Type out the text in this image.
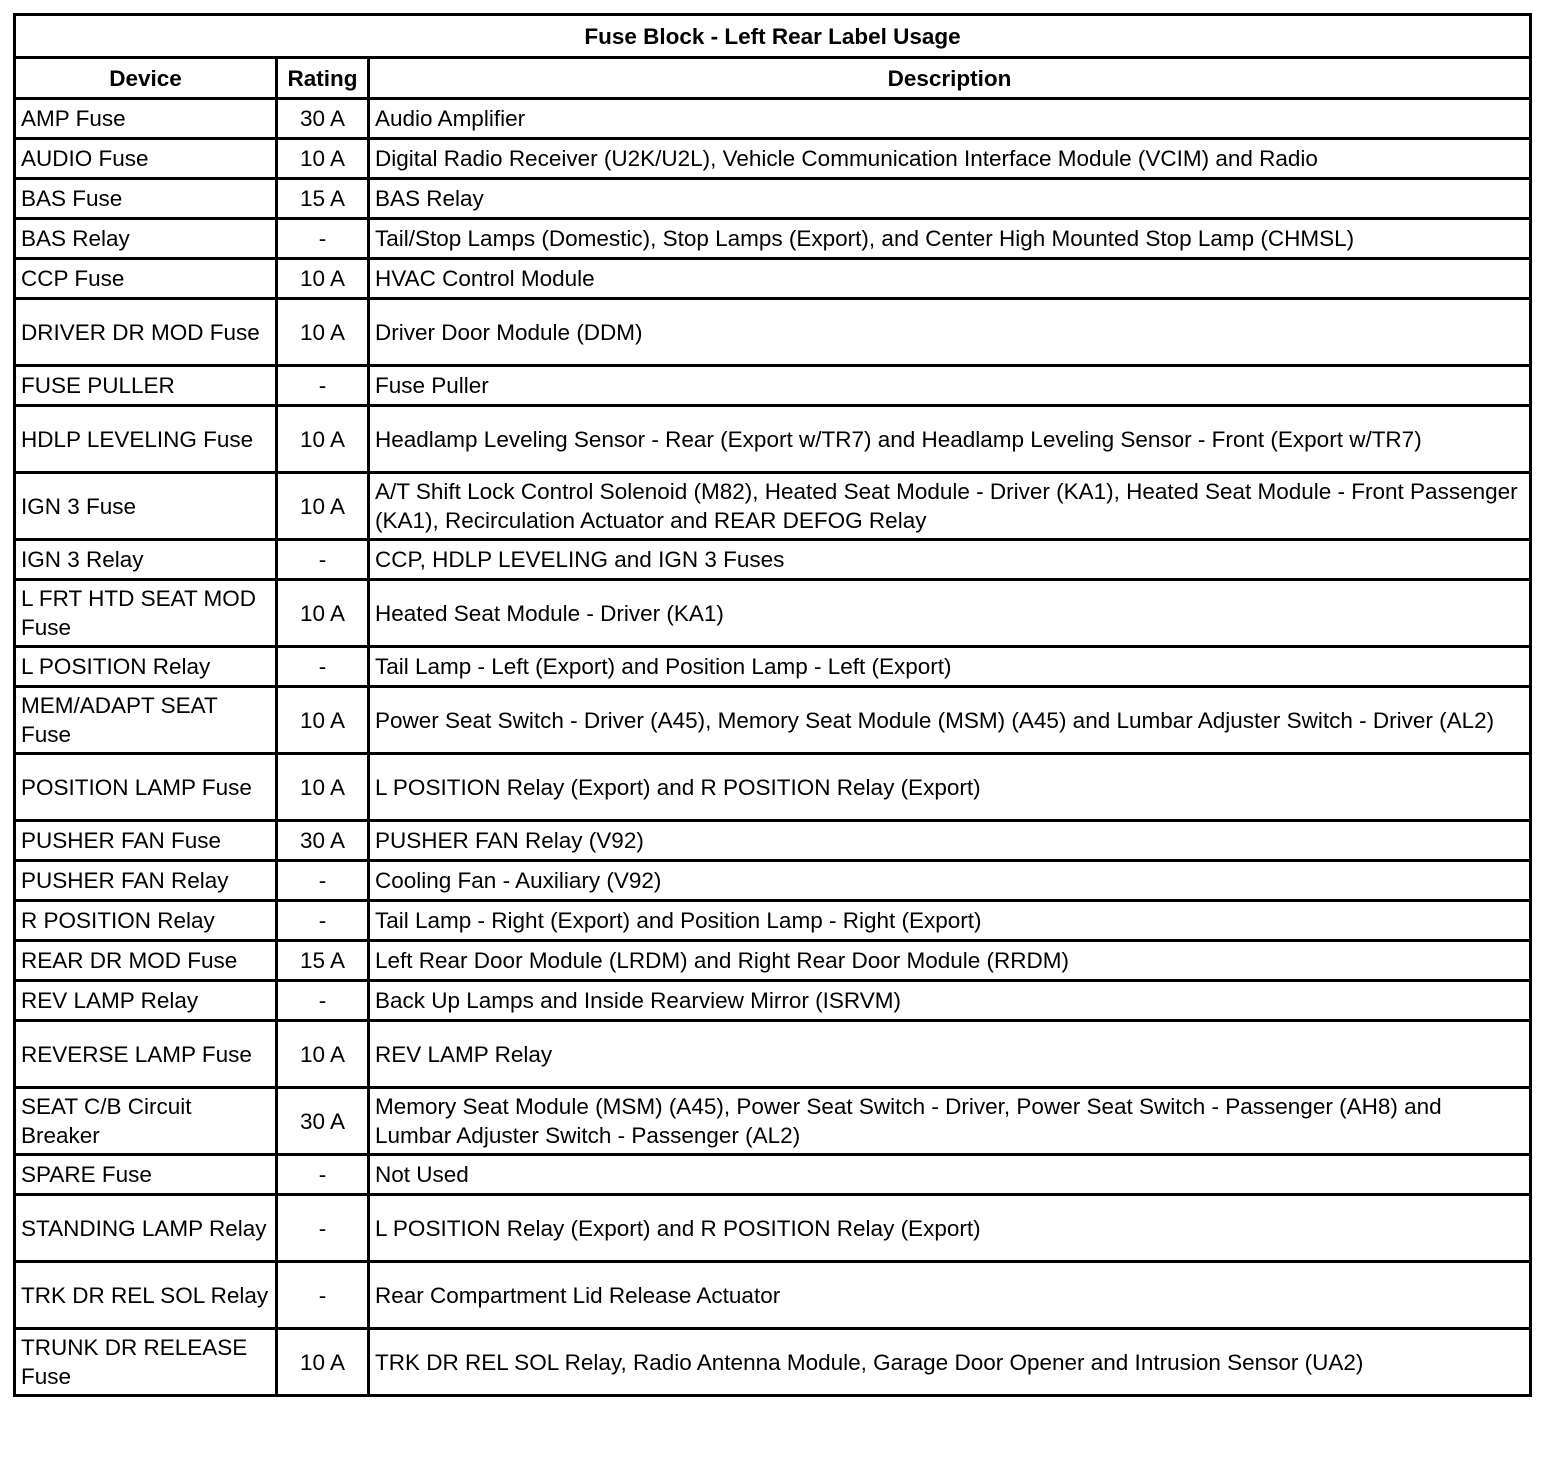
Fuse Block - Left Rear Label Usage		
Device	Rating	Description
AMP Fuse	30 A	Audio Amplifier
AUDIO Fuse	10 A	Digital Radio Receiver (U2K/U2L), Vehicle Communication Interface Module (VCIM) and Radio
BAS Fuse	15 A	BAS Relay
BAS Relay	-	Tail/Stop Lamps (Domestic), Stop Lamps (Export), and Center High Mounted Stop Lamp (CHMSL)
CCP Fuse	10 A	HVAC Control Module
DRIVER DR MOD Fuse	10 A	Driver Door Module (DDM)
FUSE PULLER	-	Fuse Puller
HDLP LEVELING Fuse	10 A	Headlamp Leveling Sensor - Rear (Export w/TR7) and Headlamp Leveling Sensor - Front (Export w/TR7)
IGN 3 Fuse	10 A	A/T Shift Lock Control Solenoid (M82), Heated Seat Module - Driver (KA1), Heated Seat Module - Front Passenger (KA1), Recirculation Actuator and REAR DEFOG Relay
IGN 3 Relay	-	CCP, HDLP LEVELING and IGN 3 Fuses
L FRT HTD SEAT MOD Fuse	10 A	Heated Seat Module - Driver (KA1)
L POSITION Relay	-	Tail Lamp - Left (Export) and Position Lamp - Left (Export)
MEM/ADAPT SEAT Fuse	10 A	Power Seat Switch - Driver (A45), Memory Seat Module (MSM) (A45) and Lumbar Adjuster Switch - Driver (AL2)
POSITION LAMP Fuse	10 A	L POSITION Relay (Export) and R POSITION Relay (Export)
PUSHER FAN Fuse	30 A	PUSHER FAN Relay (V92)
PUSHER FAN Relay	-	Cooling Fan - Auxiliary (V92)
R POSITION Relay	-	Tail Lamp - Right (Export) and Position Lamp - Right (Export)
REAR DR MOD Fuse	15 A	Left Rear Door Module (LRDM) and Right Rear Door Module (RRDM)
REV LAMP Relay	-	Back Up Lamps and Inside Rearview Mirror (ISRVM)
REVERSE LAMP Fuse	10 A	REV LAMP Relay
SEAT C/B Circuit Breaker	30 A	Memory Seat Module (MSM) (A45), Power Seat Switch - Driver, Power Seat Switch - Passenger (AH8) and Lumbar Adjuster Switch - Passenger (AL2)
SPARE Fuse	-	Not Used
STANDING LAMP Relay	-	L POSITION Relay (Export) and R POSITION Relay (Export)
TRK DR REL SOL Relay	-	Rear Compartment Lid Release Actuator
TRUNK DR RELEASE Fuse	10 A	TRK DR REL SOL Relay, Radio Antenna Module, Garage Door Opener and Intrusion Sensor (UA2)
